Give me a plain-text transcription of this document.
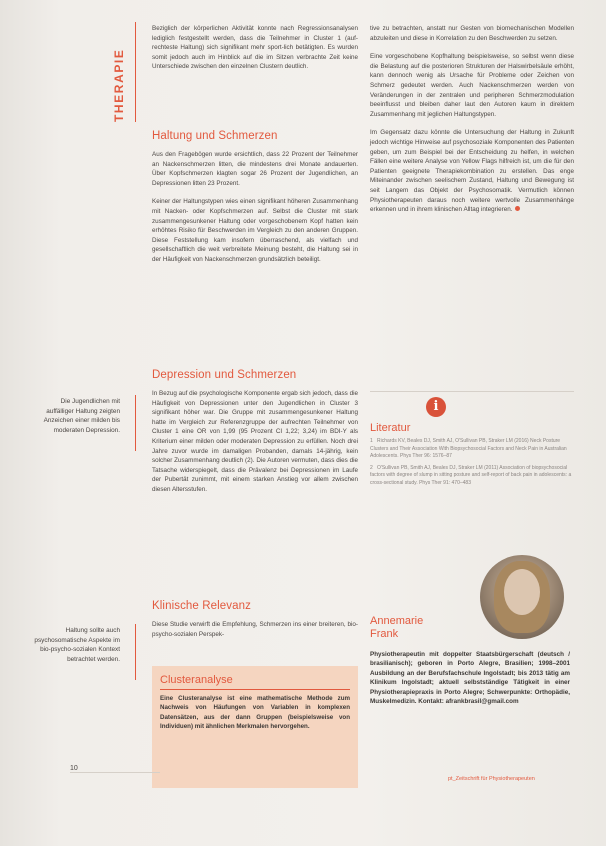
THERAPIE

Beziglich der körperlichen Aktivität konnte nach Regressionsanalysen lediglich festgestellt werden, dass die Teilnehmer in Cluster 1 (auf-rechteste Haltung) sich signifikant mehr sport-lich betätigten. Es wurden somit jedoch auch im Hinblick auf die im Sitzen verbrachte Zeit keine Unterschiede zwischen den einzelnen Clustern deutlich.

Haltung und Schmerzen

Aus den Fragebögen wurde ersichtlich, dass 22 Prozent der Teilnehmer an Nackenschmerzen litten, die mindestens drei Monate andauerten. Über Kopfschmerzen klagten sogar 26 Prozent der Jugendlichen, an Depressionen litten 23 Prozent.

Keiner der Haltungstypen wies einen signifikant höheren Zusammenhang mit Nacken- oder Kopfschmerzen auf. Selbst die Cluster mit stark zusammengesunkener Haltung oder vorgeschobenem Kopf hatten kein erhöhtes Risiko für Beschwerden im Vergleich zu den anderen Gruppen. Diese Feststellung kam insofern überraschend, als vielfach und gesellschaftlich die weit verbreitete Meinung besteht, die Haltung sei in der Häufigkeit von Nackenschmerzen grundsätzlich beteiligt.

Depression und Schmerzen

In Bezug auf die psychologische Komponente ergab sich jedoch, dass die Häufigkeit von Depressionen unter den Jugendlichen in Cluster 3 signifikant höher war. Die Gruppe mit zusammengesunkener Haltung hatte im Vergleich zur Referenzgruppe der aufrechten Teilnehmer von Cluster 1 eine OR von 1,99 (95 Prozent CI 1,22; 3,24) im BDI-Y als Kriterium einer milden oder moderaten Depression zu erfüllen. Noch drei Jahre zuvor wurde im damaligen Probanden, damals 14-jährig, kein solcher Zusammenhang deutlich (2). Die Autoren vermuten, dass dies die Tatsache widerspiegelt, dass die Prävalenz bei Depressionen im Laufe der Pubertät zunimmt, mit einem starken Anstieg vor allem zwischen diesen Altersstufen.

Klinische Relevanz

Diese Studie verwirft die Empfehlung, Schmerzen ins einer breiteren, bio-psycho-sozialen Perspek-

Die Jugendlichen mit auffälliger Haltung zeigten Anzeichen einer milden bis moderaten Depression.
Haltung sollte auch psychosomatische Aspekte im bio-psycho-sozialen Kontext betrachtet werden.
Clusteranalyse

Eine Clusteranalyse ist eine mathematische Methode zum Nachweis von Häufungen von Variablen in komplexen Datensätzen, aus der dann Gruppen (beispielsweise von Individuen) mit ähnlichen Merkmalen hervorgehen.

tive zu betrachten, anstatt nur Gesten von biomechanischen Modellen abzuleiten und diese in Korrelation zu den Beschwerden zu setzen.

Eine vorgeschobene Kopfhaltung beispielsweise, so selbst wenn diese die Belastung auf die posterioren Strukturen der Halswirbelsäule erhöht, kann dennoch wenig als Ursache für Probleme oder Zeichen von Schmerz gedeutet werden. Auch Nackenschmerzen werden von Veränderungen in der zentralen und peripheren Schmerzmodulation beeinflusst und bleiben daher laut den Autoren kaum in direktem Zusammenhang mit jeglichen Haltungstypen.

Im Gegensatz dazu könnte die Untersuchung der Haltung in Zukunft jedoch wichtige Hinweise auf psychosoziale Komponenten des Patienten geben, um zum Beispiel bei der Entscheidung zu helfen, in welchen Fällen eine weitere Analyse von Yellow Flags hilfreich ist, um die für den Patienten geeignete Therapiekombination zu erstellen. Das enge Miteinander zwischen seelischem Zustand, Haltung und Bewegung ist seit Langem das Objekt der Psychosomatik. Vermutlich können Physiotherapeuten daraus noch weitere wertvolle Zusammenhänge erkennen und in ihrem klinischen Alltag integrieren.

i
Literatur

1 Richards KV, Beales DJ, Smith AJ, O'Sullivan PB, Straker LM (2016) Neck Posture Clusters and Their Association With Biopsychosocial Factors and Neck Pain in Australian Adolescents. Phys Ther 96: 1576–87

2 O'Sullivan PB, Smith AJ, Beales DJ, Straker LM (2011) Association of biopsychosocial factors with degree of slump in sitting posture and self-report of back pain in adolescents: a cross-sectional study. Phys Ther 91: 470–483

Annemarie
Frank
Physiotherapeutin mit doppelter Staatsbürgerschaft (deutsch / brasilianisch); geboren in Porto Alegre, Brasilien; 1998–2001 Ausbildung an der Berufsfachschule Ingolstadt; bis 2013 tätig am Klinikum Ingolstadt; aktuell selbstständige Tätigkeit in einer Physiotherapiepraxis in Porto Alegre; Schwerpunkte: Orthopädie, Muskelmedizin. Kontakt: afrankbrasil@gmail.com
10
pt_Zeitschrift für Physiotherapeuten
